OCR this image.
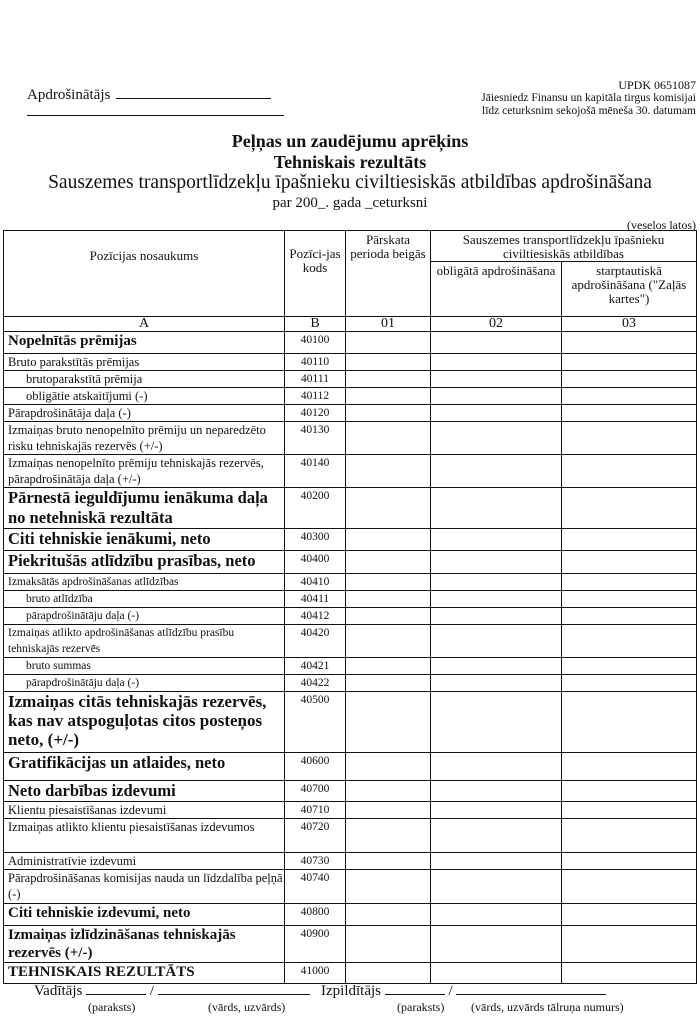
Apdrošinātājs
UPDK 0651087
Jāiesniedz Finansu un kapitāla tirgus komisijai
līdz ceturksnim sekojošā mēneša 30. datumam
Peļņas un zaudējumu aprēķins
Tehniskais rezultāts
Sauszemes transportlīdzekļu īpašnieku civiltiesiskās atbildības apdrošināšana
par 200_. gada _ceturksni
(veselos latos)
Pozīcijas nosaukums	Pozīci-jas kods	Pārskata perioda beigās	Sauszemes transportlīdzekļu īpašnieku civiltiesiskās atbildības	
			obligātā apdrošināšana	starptautiskā apdrošināšana ("Zaļās kartes")
A	B	01	02	03
Nopelnītās prēmijas	40100			
Bruto parakstītās prēmijas	40110			
brutoparakstītā prēmija	40111			
obligātie atskaitījumi (-)	40112			
Pārapdrošinātāja daļa (-)	40120			
Izmaiņas bruto nenopelnīto prēmiju un neparedzēto risku tehniskajās rezervēs (+/-)	40130			
Izmaiņas nenopelnīto prēmiju tehniskajās rezervēs, pārapdrošinātāja daļa (+/-)	40140			
Pārnestā ieguldījumu ienākuma daļa no netehniskā rezultāta	40200			
Citi tehniskie ienākumi, neto	40300			
Piekritušās atlīdzību prasības, neto	40400			
Izmaksātās apdrošināšanas atlīdzības	40410			
bruto atlīdzība	40411			
pārapdrošinātāju daļa (-)	40412			
Izmaiņas atlikto apdrošināšanas atlīdzību prasību tehniskajās rezervēs	40420			
bruto summas	40421			
pārapdrošinātāju daļa (-)	40422			
Izmaiņas citās tehniskajās rezervēs, kas nav atspoguļotas citos posteņos neto, (+/-)	40500			
Gratifikācijas un atlaides, neto	40600			
Neto darbības izdevumi	40700			
Klientu piesaistīšanas izdevumi	40710			
Izmaiņas atlikto klientu piesaistīšanas izdevumos	40720			
Administratīvie izdevumi	40730			
Pārapdrošināšanas komisijas nauda un līdzdalība peļņā (-)	40740			
Citi tehniskie izdevumi, neto	40800			
Izmaiņas izlīdzināšanas tehniskajās rezervēs (+/-)	40900			
TEHNISKAIS REZULTĀTS	41000			
Vadītājs	/	Izpildītājs	/
(paraksts)	(vārds, uzvārds)	(paraksts) (vārds, uzvārds tālruņa numurs)
